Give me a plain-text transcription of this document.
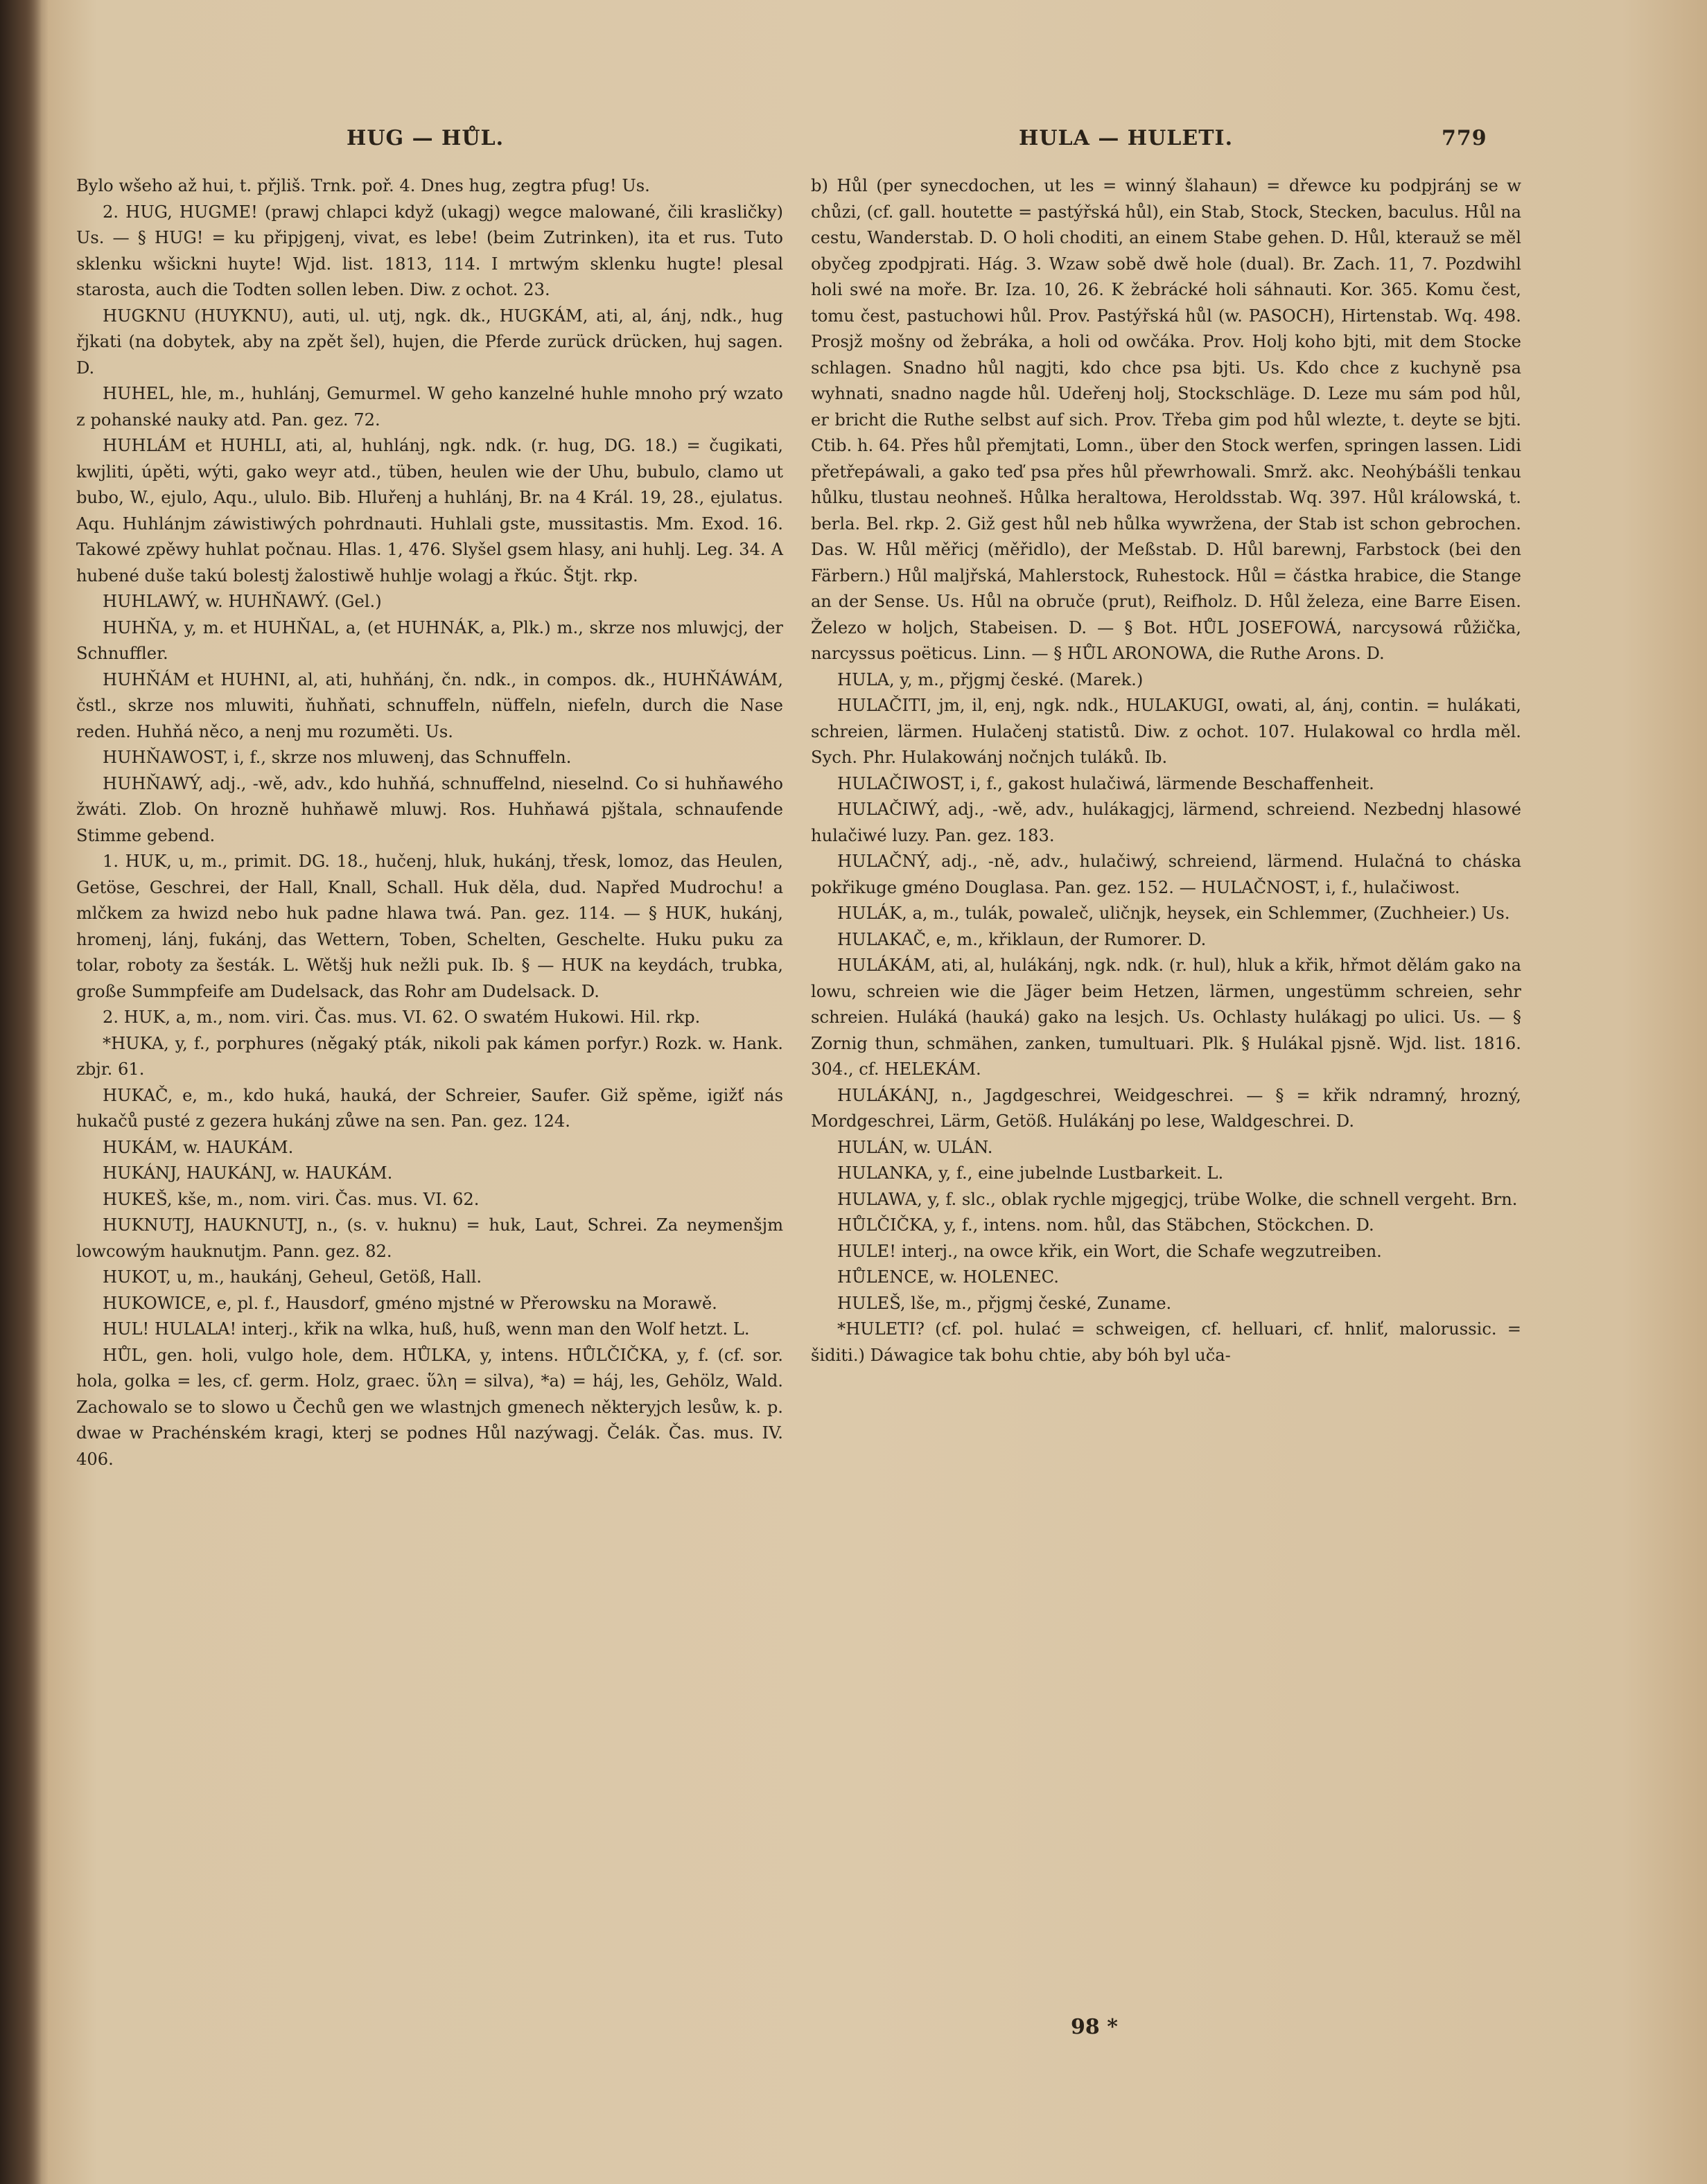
HUG — HŮL.	HULA — HULETI.	779

Bylo wšeho až hui, t. přjliš. Trnk. poř. 4. Dnes hug, zegtra pfug! Us.

2. HUG, HUGME! (prawj chlapci když (ukagj) wegce malowané, čili krasličky) Us. — § HUG! = ku připjgenj, vivat, es lebe! (beim Zutrinken), ita et rus. Tuto sklenku wšickni huyte! Wjd. list. 1813, 114. I mrtwým sklenku hugte! plesal starosta, auch die Todten sollen leben. Diw. z ochot. 23.

HUGKNU (HUYKNU), auti, ul. utj, ngk. dk., HUGKÁM, ati, al, ánj, ndk., hug řjkati (na dobytek, aby na zpět šel), hujen, die Pferde zurück drücken, huj sagen. D.

HUHEL, hle, m., huhlánj, Gemurmel. W geho kanzelné huhle mnoho prý wzato z pohanské nauky atd. Pan. gez. 72.

HUHLÁM et HUHLI, ati, al, huhlánj, ngk. ndk. (r. hug, DG. 18.) = čugikati, kwjliti, úpěti, wýti, gako weyr atd., tüben, heulen wie der Uhu, bubulo, clamo ut bubo, W., ejulo, Aqu., ululo. Bib. Hluřenj a huhlánj, Br. na 4 Král. 19, 28., ejulatus. Aqu. Huhlánjm záwistiwých pohrdnauti. Huhlali gste, mussitastis. Mm. Exod. 16. Takowé zpěwy huhlat počnau. Hlas. 1, 476. Slyšel gsem hlasy, ani huhlj. Leg. 34. A hubené duše takú bolestj žalostiwě huhlje wolagj a řkúc. Štjt. rkp.

HUHLAWÝ, w. HUHŇAWÝ. (Gel.)

HUHŇA, y, m. et HUHŇAL, a, (et HUHNÁK, a, Plk.) m., skrze nos mluwjcj, der Schnuffler.

HUHŇÁM et HUHNI, al, ati, huhňánj, čn. ndk., in compos. dk., HUHŇÁWÁM, čstl., skrze nos mluwiti, ňuhňati, schnuffeln, nüffeln, niefeln, durch die Nase reden. Huhňá něco, a nenj mu rozuměti. Us.

HUHŇAWOST, i, f., skrze nos mluwenj, das Schnuffeln.

HUHŇAWÝ, adj., -wě, adv., kdo huhňá, schnuffelnd, nieselnd. Co si huhňawého žwáti. Zlob. On hrozně huhňawě mluwj. Ros. Huhňawá pjštala, schnaufende Stimme gebend.

1. HUK, u, m., primit. DG. 18., hučenj, hluk, hukánj, třesk, lomoz, das Heulen, Getöse, Geschrei, der Hall, Knall, Schall. Huk děla, dud. Napřed Mudrochu! a mlčkem za hwizd nebo huk padne hlawa twá. Pan. gez. 114. — § HUK, hukánj, hromenj, lánj, fukánj, das Wettern, Toben, Schelten, Geschelte. Huku puku za tolar, roboty za šesták. L. Wětšj huk nežli puk. Ib. § — HUK na keydách, trubka, große Summpfeife am Dudelsack, das Rohr am Dudelsack. D.

2. HUK, a, m., nom. viri. Čas. mus. VI. 62. O swatém Hukowi. Hil. rkp.

*HUKA, y, f., porphures (něgaký pták, nikoli pak kámen porfyr.) Rozk. w. Hank. zbjr. 61.

HUKAČ, e, m., kdo huká, hauká, der Schreier, Saufer. Giž spěme, igižť nás hukačů pusté z gezera hukánj zůwe na sen. Pan. gez. 124.

HUKÁM, w. HAUKÁM.

HUKÁNJ, HAUKÁNJ, w. HAUKÁM.

HUKEŠ, kše, m., nom. viri. Čas. mus. VI. 62.

HUKNUTJ, HAUKNUTJ, n., (s. v. huknu) = huk, Laut, Schrei. Za neymenšjm lowcowým hauknutjm. Pann. gez. 82.

HUKOT, u, m., haukánj, Geheul, Getöß, Hall.

HUKOWICE, e, pl. f., Hausdorf, gméno mjstné w Přerowsku na Morawě.

HUL! HULALA! interj., křik na wlka, huß, huß, wenn man den Wolf hetzt. L.

HŮL, gen. holi, vulgo hole, dem. HŮLKA, y, intens. HŮLČIČKA, y, f. (cf. sor. hola, golka = les, cf. germ. Holz, graec. ὕλη = silva), *a) = háj, les, Gehölz, Wald. Zachowalo se to slowo u Čechů gen we wlastnjch gmenech některyjch lesůw, k. p. dwae w Prachénském kragi, kterj se podnes Hůl nazýwagj. Čelák. Čas. mus. IV. 406.

b) Hůl (per synecdochen, ut les = winný šlahaun) = dřewce ku podpjránj se w chůzi, (cf. gall. houtette = pastýřská hůl), ein Stab, Stock, Stecken, baculus. Hůl na cestu, Wanderstab. D. O holi choditi, an einem Stabe gehen. D. Hůl, kterauž se měl obyčeg zpodpjrati. Hág. 3. Wzaw sobě dwě hole (dual). Br. Zach. 11, 7. Pozdwihl holi swé na moře. Br. Iza. 10, 26. K žebrácké holi sáhnauti. Kor. 365. Komu čest, tomu čest, pastuchowi hůl. Prov. Pastýřská hůl (w. PASOCH), Hirtenstab. Wq. 498. Prosjž mošny od žebráka, a holi od owčáka. Prov. Holj koho bjti, mit dem Stocke schlagen. Snadno hůl nagjti, kdo chce psa bjti. Us. Kdo chce z kuchyně psa wyhnati, snadno nagde hůl. Udeřenj holj, Stockschläge. D. Leze mu sám pod hůl, er bricht die Ruthe selbst auf sich. Prov. Třeba gim pod hůl wlezte, t. deyte se bjti. Ctib. h. 64. Přes hůl přemjtati, Lomn., über den Stock werfen, springen lassen. Lidi přetřepáwali, a gako teď psa přes hůl přewrhowali. Smrž. akc. Neohýbášli tenkau hůlku, tlustau neohneš. Hůlka heraltowa, Heroldsstab. Wq. 397. Hůl králowská, t. berla. Bel. rkp. 2. Giž gest hůl neb hůlka wywržena, der Stab ist schon gebrochen. Das. W. Hůl měřicj (měřidlo), der Meßstab. D. Hůl barewnj, Farbstock (bei den Färbern.) Hůl maljřská, Mahlerstock, Ruhestock. Hůl = částka hrabice, die Stange an der Sense. Us. Hůl na obruče (prut), Reifholz. D. Hůl železa, eine Barre Eisen. Železo w holjch, Stabeisen. D. — § Bot. HŮL JOSEFOWÁ, narcysowá růžička, narcyssus poëticus. Linn. — § HŮL ARONOWA, die Ruthe Arons. D.

HULA, y, m., přjgmj české. (Marek.)

HULAČITI, jm, il, enj, ngk. ndk., HULAKUGI, owati, al, ánj, contin. = hulákati, schreien, lärmen. Hulačenj statistů. Diw. z ochot. 107. Hulakowal co hrdla měl. Sych. Phr. Hulakowánj nočnjch tuláků. Ib.

HULAČIWOST, i, f., gakost hulačiwá, lärmende Beschaffenheit.

HULAČIWÝ, adj., -wě, adv., hulákagjcj, lärmend, schreiend. Nezbednj hlasowé hulačiwé luzy. Pan. gez. 183.

HULAČNÝ, adj., -ně, adv., hulačiwý, schreiend, lärmend. Hulačná to cháska pokřikuge gméno Douglasa. Pan. gez. 152. — HULAČNOST, i, f., hulačiwost.

HULÁK, a, m., tulák, powaleč, uličnjk, heysek, ein Schlemmer, (Zuchheier.) Us.

HULAKAČ, e, m., křiklaun, der Rumorer. D.

HULÁKÁM, ati, al, hulákánj, ngk. ndk. (r. hul), hluk a křik, hřmot dělám gako na lowu, schreien wie die Jäger beim Hetzen, lärmen, ungestümm schreien, sehr schreien. Huláká (hauká) gako na lesjch. Us. Ochlasty hulákagj po ulici. Us. — § Zornig thun, schmähen, zanken, tumultuari. Plk. § Hulákal pjsně. Wjd. list. 1816. 304., cf. HELEKÁM.

HULÁKÁNJ, n., Jagdgeschrei, Weidgeschrei. — § = křik ndramný, hrozný, Mordgeschrei, Lärm, Getöß. Hulákánj po lese, Waldgeschrei. D.

HULÁN, w. ULÁN.

HULANKA, y, f., eine jubelnde Lustbarkeit. L.

HULAWA, y, f. slc., oblak rychle mjgegjcj, trübe Wolke, die schnell vergeht. Brn.

HŮLČIČKA, y, f., intens. nom. hůl, das Stäbchen, Stöckchen. D.

HULE! interj., na owce křik, ein Wort, die Schafe wegzutreiben.

HŮLENCE, w. HOLENEC.

HULEŠ, lše, m., přjgmj české, Zuname.

*HULETI? (cf. pol. hulać = schweigen, cf. helluari, cf. hnliť, malorussic. = šiditi.) Dáwagice tak bohu chtie, aby bóh byl uča-

98 *
